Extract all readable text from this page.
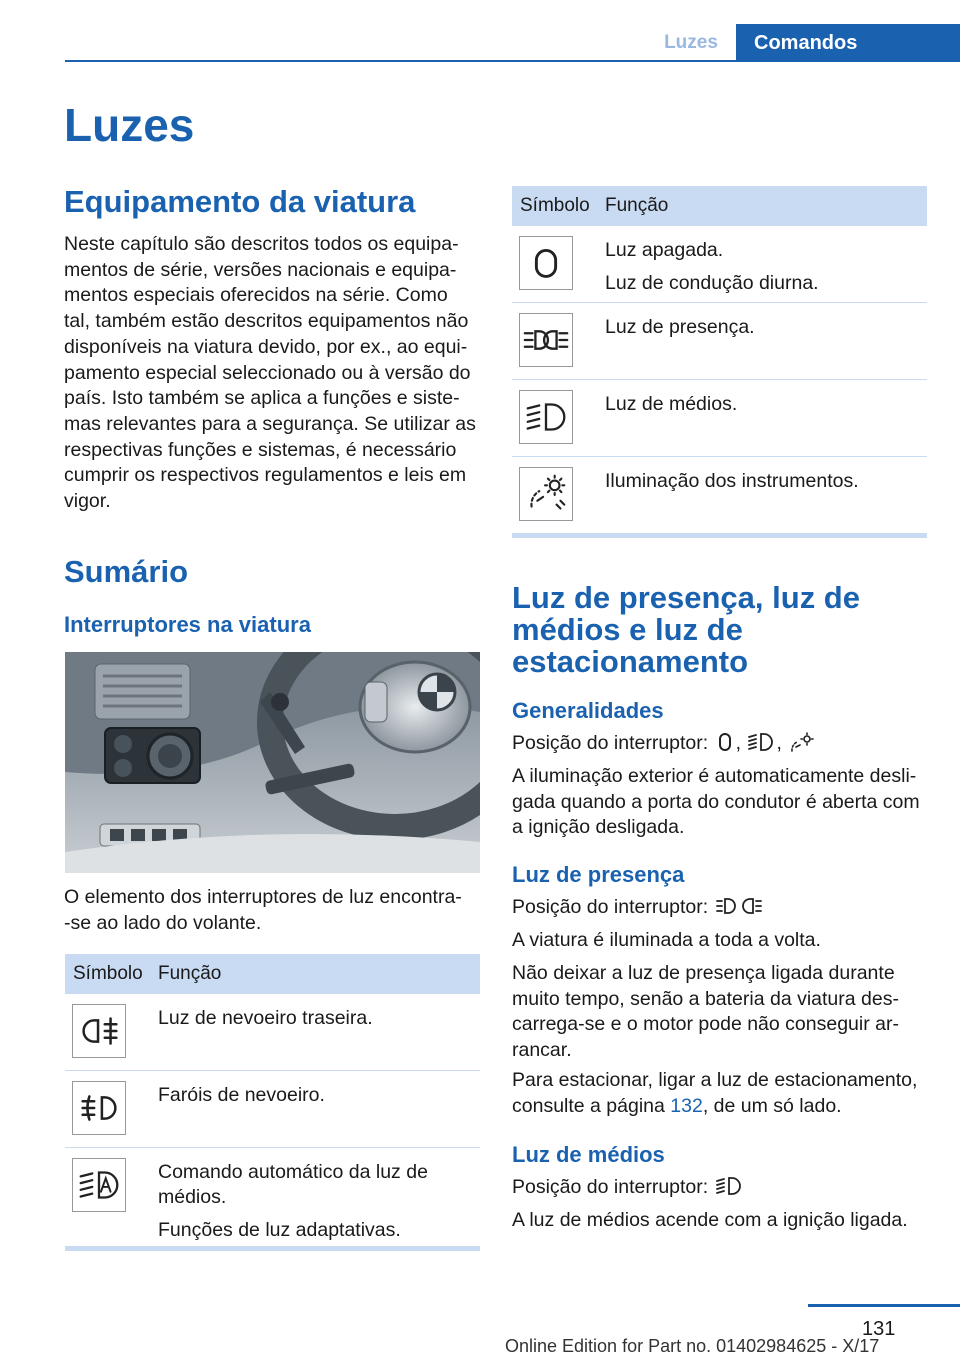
Luzes	Comandos
Luzes
Equipamento da viatura
Neste capítulo são descritos todos os equipa-
mentos de série, versões nacionais e equipa-
mentos especiais oferecidos na série. Como
tal, também estão descritos equipamentos não
disponíveis na viatura devido, por ex., ao equi-
pamento especial seleccionado ou à versão do
país. Isto também se aplica a funções e siste-
mas relevantes para a segurança. Se utilizar as
respectivas funções e sistemas, é necessário
cumprir os respectivos regulamentos e leis em
vigor.
Sumário
Interruptores na viatura
O elemento dos interruptores de luz encontra-
-se ao lado do volante.
Símbolo Função

Luz de nevoeiro traseira.

Faróis de nevoeiro.

Comando automático da luz de médios.

Funções de luz adaptativas.

Símbolo Função

Luz apagada.

Luz de condução diurna.

Luz de presença.

Luz de médios.

Iluminação dos instrumentos.

Luz de presença, luz de
médios e luz de
estacionamento
Generalidades
Posição do interruptor: , ,
A iluminação exterior é automaticamente desli-
gada quando a porta do condutor é aberta com
a ignição desligada.
Luz de presença
Posição do interruptor:
A viatura é iluminada a toda a volta.
Não deixar a luz de presença ligada durante
muito tempo, senão a bateria da viatura des-
carrega-se e o motor pode não conseguir ar-
rancar.
Para estacionar, ligar a luz de estacionamento,
consulte a página 132, de um só lado.
Luz de médios
Posição do interruptor:
A luz de médios acende com a ignição ligada.
131
Online Edition for Part no. 01402984625 - X/17
